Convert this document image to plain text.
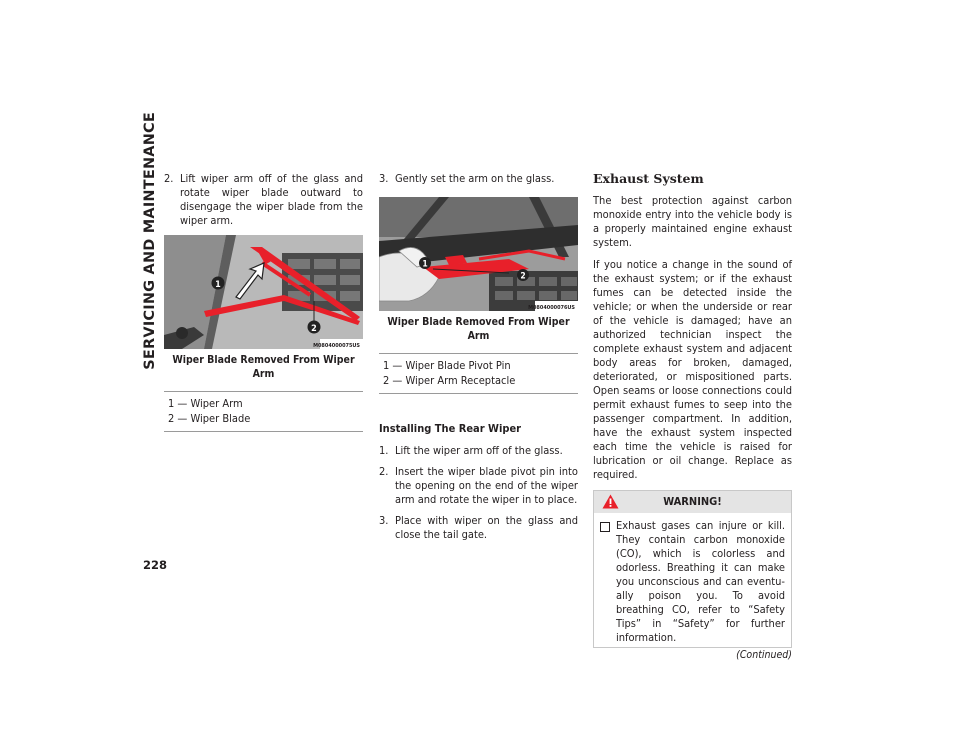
SERVICING AND MAINTENANCE
228
2. Lift wiper arm off of the glass and rotate wiper blade outward to disengage the wiper blade from the wiper arm.
1
2
M0804000075US
Wiper Blade Removed From Wiper Arm
1 — Wiper Arm
2 — Wiper Blade
3. Gently set the arm on the glass.
1
2
M0804000076US
Wiper Blade Removed From Wiper Arm
1 — Wiper Blade Pivot Pin
2 — Wiper Arm Receptacle
Installing The Rear Wiper
1. Lift the wiper arm off of the glass.
2. Insert the wiper blade pivot pin into the opening on the end of the wiper arm and rotate the wiper in to place.
3. Place with wiper on the glass and close the tail gate.
Exhaust System
The best protection against carbon monoxide entry into the vehicle body is a properly maintained engine exhaust system.
If you notice a change in the sound of the exhaust system; or if the exhaust fumes can be detected inside the vehicle; or when the underside or rear of the vehicle is damaged; have an authorized technician inspect the complete exhaust system and adjacent body areas for broken, damaged, deteriorated, or mispositioned parts. Open seams or loose connections could permit exhaust fumes to seep into the passenger compartment. In addition, have the exhaust system inspected each time the vehicle is raised for lubrication or oil change. Replace as required.
WARNING!
Exhaust gases can injure or kill. They contain carbon monoxide (CO), which is colorless and odorless. Breathing it can make you unconscious and can eventu-ally poison you. To avoid breathing CO, refer to “Safety Tips” in “Safety” for further information.
(Continued)
